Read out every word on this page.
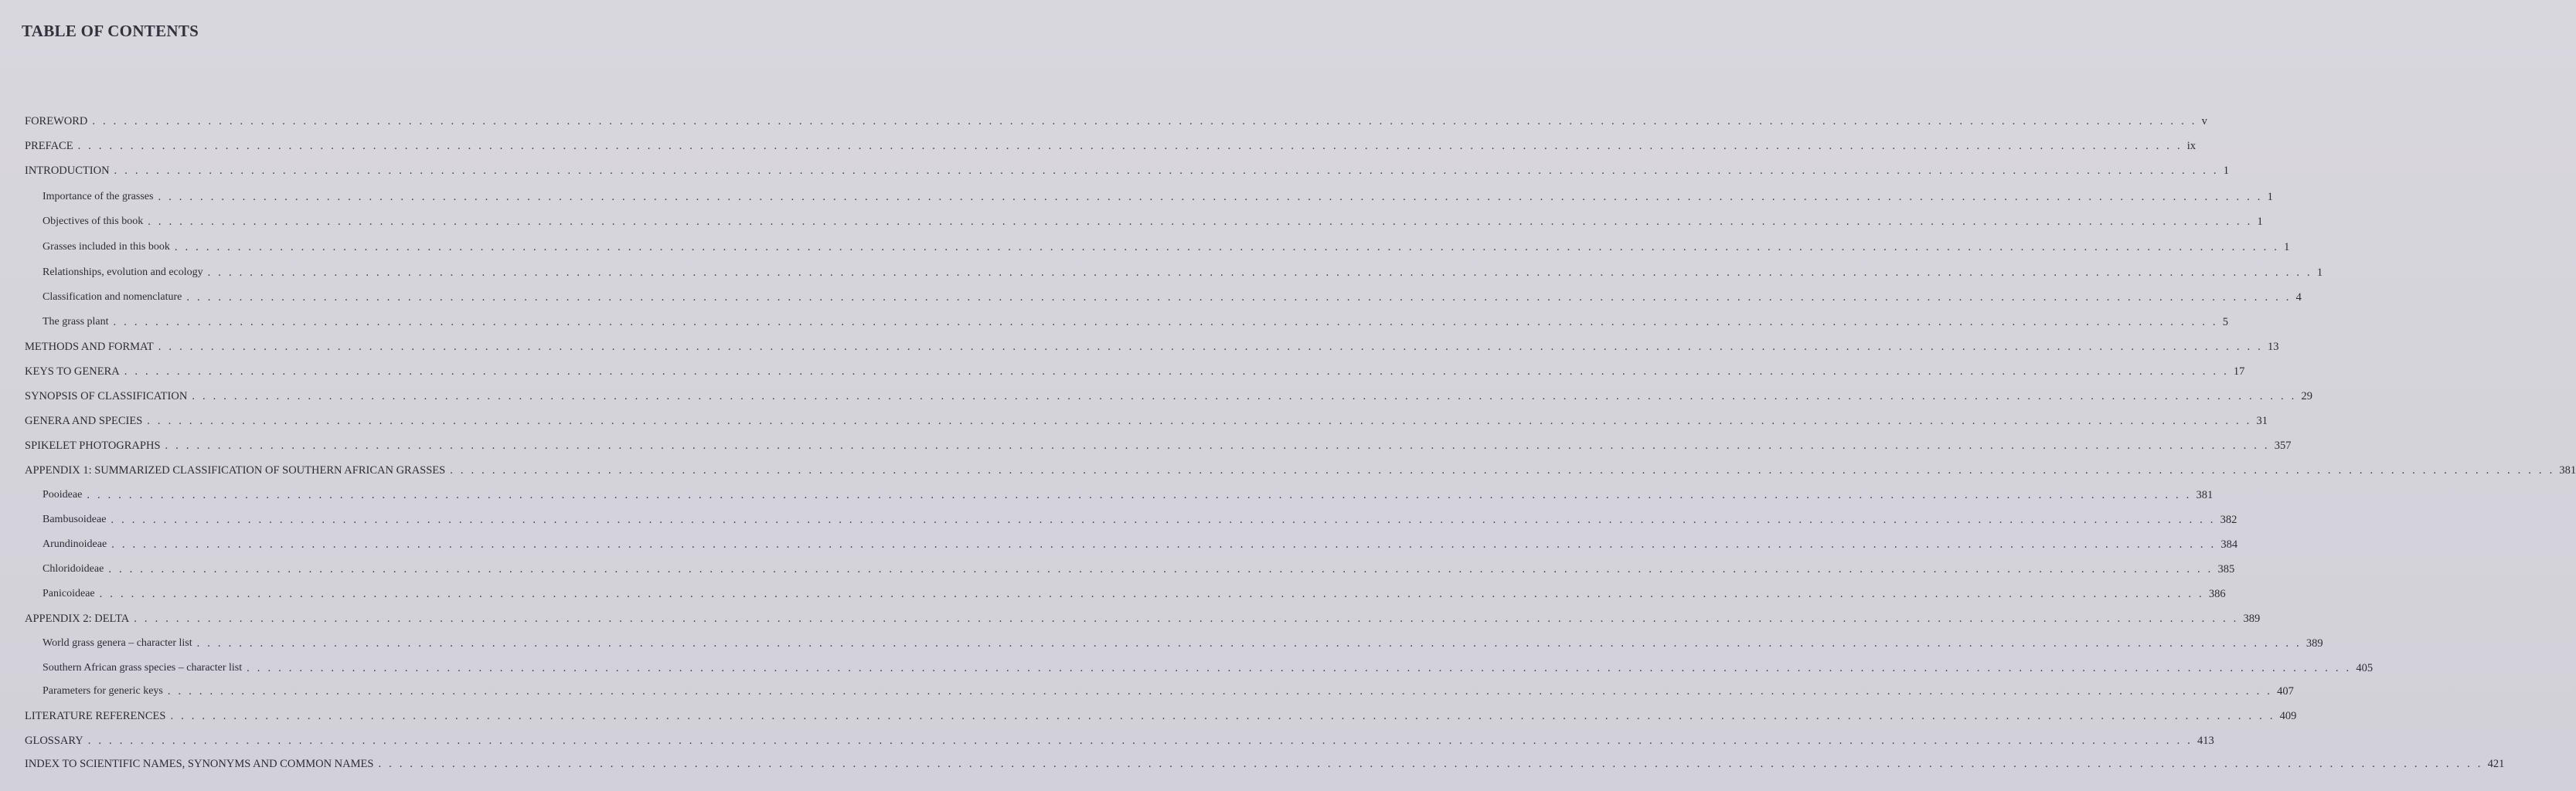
TABLE OF CONTENTS
FOREWORD . . . . . . . . . . . . . . . . . . . . . . . . . . . . . . . . . . . . . . . . . . . . . . . . . . . . . . . . . . . . . . . . . . . . . . . . . . . . . . . . . . . . . . . . . . . . . . . . . . . . . . . . . . . . . . . . . . . . . . . . . . . . . . . . . . . . . . . . . . . . . . . . . . . . . . . . . . . . . . . . . . . . . . . . . . . . . . . . . . . . . . . . . . . . . . . . . . . . . . . . v
PREFACE . . . . . . . . . . . . . . . . . . . . . . . . . . . . . . . . . . . . . . . . . . . . . . . . . . . . . . . . . . . . . . . . . . . . . . . . . . . . . . . . . . . . . . . . . . . . . . . . . . . . . . . . . . . . . . . . . . . . . . . . . . . . . . . . . . . . . . . . . . . . . . . . . . . . . . . . . . . . . . . . . . . . . . . . . . . . . . . . . . . . . . . . . . . . . . . . . . . . . . . . ix
INTRODUCTION . . . . . . . . . . . . . . . . . . . . . . . . . . . . . . . . . . . . . . . . . . . . . . . . . . . . . . . . . . . . . . . . . . . . . . . . . . . . . . . . . . . . . . . . . . . . . . . . . . . . . . . . . . . . . . . . . . . . . . . . . . . . . . . . . . . . . . . . . . . . . . . . . . . . . . . . . . . . . . . . . . . . . . . . . . . . . . . . . . . . . . . . . . . . . . . . . . . . . . . . 1
Importance of the grasses . . . . . . . . . . . . . . . . . . . . . . . . . . . . . . . . . . . . . . . . . . . . . . . . . . . . . . . . . . . . . . . . . . . . . . . . . . . . . . . . . . . . . . . . . . . . . . . . . . . . . . . . . . . . . . . . . . . . . . . . . . . . . . . . . . . . . . . . . . . . . . . . . . . . . . . . . . . . . . . . . . . . . . . . . . . . . . . . . . . . . . . . . . . . . . . . . . . . . . . . 1
Objectives of this book . . . . . . . . . . . . . . . . . . . . . . . . . . . . . . . . . . . . . . . . . . . . . . . . . . . . . . . . . . . . . . . . . . . . . . . . . . . . . . . . . . . . . . . . . . . . . . . . . . . . . . . . . . . . . . . . . . . . . . . . . . . . . . . . . . . . . . . . . . . . . . . . . . . . . . . . . . . . . . . . . . . . . . . . . . . . . . . . . . . . . . . . . . . . . . . . . . . . . . . . 1
Grasses included in this book . . . . . . . . . . . . . . . . . . . . . . . . . . . . . . . . . . . . . . . . . . . . . . . . . . . . . . . . . . . . . . . . . . . . . . . . . . . . . . . . . . . . . . . . . . . . . . . . . . . . . . . . . . . . . . . . . . . . . . . . . . . . . . . . . . . . . . . . . . . . . . . . . . . . . . . . . . . . . . . . . . . . . . . . . . . . . . . . . . . . . . . . . . . . . . . . . . . . . . . . 1
Relationships, evolution and ecology . . . . . . . . . . . . . . . . . . . . . . . . . . . . . . . . . . . . . . . . . . . . . . . . . . . . . . . . . . . . . . . . . . . . . . . . . . . . . . . . . . . . . . . . . . . . . . . . . . . . . . . . . . . . . . . . . . . . . . . . . . . . . . . . . . . . . . . . . . . . . . . . . . . . . . . . . . . . . . . . . . . . . . . . . . . . . . . . . . . . . . . . . . . . . . . . . . . . . . . . 1
Classification and nomenclature . . . . . . . . . . . . . . . . . . . . . . . . . . . . . . . . . . . . . . . . . . . . . . . . . . . . . . . . . . . . . . . . . . . . . . . . . . . . . . . . . . . . . . . . . . . . . . . . . . . . . . . . . . . . . . . . . . . . . . . . . . . . . . . . . . . . . . . . . . . . . . . . . . . . . . . . . . . . . . . . . . . . . . . . . . . . . . . . . . . . . . . . . . . . . . . . . . . . . . . . 4
The grass plant . . . . . . . . . . . . . . . . . . . . . . . . . . . . . . . . . . . . . . . . . . . . . . . . . . . . . . . . . . . . . . . . . . . . . . . . . . . . . . . . . . . . . . . . . . . . . . . . . . . . . . . . . . . . . . . . . . . . . . . . . . . . . . . . . . . . . . . . . . . . . . . . . . . . . . . . . . . . . . . . . . . . . . . . . . . . . . . . . . . . . . . . . . . . . . . . . . . . . . . . 5
METHODS AND FORMAT . . . . . . . . . . . . . . . . . . . . . . . . . . . . . . . . . . . . . . . . . . . . . . . . . . . . . . . . . . . . . . . . . . . . . . . . . . . . . . . . . . . . . . . . . . . . . . . . . . . . . . . . . . . . . . . . . . . . . . . . . . . . . . . . . . . . . . . . . . . . . . . . . . . . . . . . . . . . . . . . . . . . . . . . . . . . . . . . . . . . . . . . . . . . . . . . . . . . . . . . 13
KEYS TO GENERA . . . . . . . . . . . . . . . . . . . . . . . . . . . . . . . . . . . . . . . . . . . . . . . . . . . . . . . . . . . . . . . . . . . . . . . . . . . . . . . . . . . . . . . . . . . . . . . . . . . . . . . . . . . . . . . . . . . . . . . . . . . . . . . . . . . . . . . . . . . . . . . . . . . . . . . . . . . . . . . . . . . . . . . . . . . . . . . . . . . . . . . . . . . . . . . . . . . . . . . . 17
SYNOPSIS OF CLASSIFICATION . . . . . . . . . . . . . . . . . . . . . . . . . . . . . . . . . . . . . . . . . . . . . . . . . . . . . . . . . . . . . . . . . . . . . . . . . . . . . . . . . . . . . . . . . . . . . . . . . . . . . . . . . . . . . . . . . . . . . . . . . . . . . . . . . . . . . . . . . . . . . . . . . . . . . . . . . . . . . . . . . . . . . . . . . . . . . . . . . . . . . . . . . . . . . . . . . . . . . . . . 29
GENERA AND SPECIES . . . . . . . . . . . . . . . . . . . . . . . . . . . . . . . . . . . . . . . . . . . . . . . . . . . . . . . . . . . . . . . . . . . . . . . . . . . . . . . . . . . . . . . . . . . . . . . . . . . . . . . . . . . . . . . . . . . . . . . . . . . . . . . . . . . . . . . . . . . . . . . . . . . . . . . . . . . . . . . . . . . . . . . . . . . . . . . . . . . . . . . . . . . . . . . . . . . . . . . . 31
SPIKELET PHOTOGRAPHS . . . . . . . . . . . . . . . . . . . . . . . . . . . . . . . . . . . . . . . . . . . . . . . . . . . . . . . . . . . . . . . . . . . . . . . . . . . . . . . . . . . . . . . . . . . . . . . . . . . . . . . . . . . . . . . . . . . . . . . . . . . . . . . . . . . . . . . . . . . . . . . . . . . . . . . . . . . . . . . . . . . . . . . . . . . . . . . . . . . . . . . . . . . . . . . . . . . . . . . . 357
APPENDIX 1: SUMMARIZED CLASSIFICATION OF SOUTHERN AFRICAN GRASSES . . . . . . . . . . . . . . . . . . . . . . . . . . . . . . . . . . . . . . . . . . . . . . . . . . . . . . . . . . . . . . . . . . . . . . . . . . . . . . . . . . . . . . . . . . . . . . . . . . . . . . . . . . . . . . . . . . . . . . . . . . . . . . . . . . . . . . . . . . . . . . . . . . . . . . . . . . . . . . . . . . . . . . . . . . . . . . . . . . . . . . . . . . . . . . . . . . . . . . . . 381
Pooideae . . . . . . . . . . . . . . . . . . . . . . . . . . . . . . . . . . . . . . . . . . . . . . . . . . . . . . . . . . . . . . . . . . . . . . . . . . . . . . . . . . . . . . . . . . . . . . . . . . . . . . . . . . . . . . . . . . . . . . . . . . . . . . . . . . . . . . . . . . . . . . . . . . . . . . . . . . . . . . . . . . . . . . . . . . . . . . . . . . . . . . . . . . . . . . . . . . . . . . . . 381
Bambusoideae . . . . . . . . . . . . . . . . . . . . . . . . . . . . . . . . . . . . . . . . . . . . . . . . . . . . . . . . . . . . . . . . . . . . . . . . . . . . . . . . . . . . . . . . . . . . . . . . . . . . . . . . . . . . . . . . . . . . . . . . . . . . . . . . . . . . . . . . . . . . . . . . . . . . . . . . . . . . . . . . . . . . . . . . . . . . . . . . . . . . . . . . . . . . . . . . . . . . . . . . 382
Arundinoideae . . . . . . . . . . . . . . . . . . . . . . . . . . . . . . . . . . . . . . . . . . . . . . . . . . . . . . . . . . . . . . . . . . . . . . . . . . . . . . . . . . . . . . . . . . . . . . . . . . . . . . . . . . . . . . . . . . . . . . . . . . . . . . . . . . . . . . . . . . . . . . . . . . . . . . . . . . . . . . . . . . . . . . . . . . . . . . . . . . . . . . . . . . . . . . . . . . . . . . . . 384
Chloridoideae . . . . . . . . . . . . . . . . . . . . . . . . . . . . . . . . . . . . . . . . . . . . . . . . . . . . . . . . . . . . . . . . . . . . . . . . . . . . . . . . . . . . . . . . . . . . . . . . . . . . . . . . . . . . . . . . . . . . . . . . . . . . . . . . . . . . . . . . . . . . . . . . . . . . . . . . . . . . . . . . . . . . . . . . . . . . . . . . . . . . . . . . . . . . . . . . . . . . . . . . 385
Panicoideae . . . . . . . . . . . . . . . . . . . . . . . . . . . . . . . . . . . . . . . . . . . . . . . . . . . . . . . . . . . . . . . . . . . . . . . . . . . . . . . . . . . . . . . . . . . . . . . . . . . . . . . . . . . . . . . . . . . . . . . . . . . . . . . . . . . . . . . . . . . . . . . . . . . . . . . . . . . . . . . . . . . . . . . . . . . . . . . . . . . . . . . . . . . . . . . . . . . . . . . . 386
APPENDIX 2: DELTA . . . . . . . . . . . . . . . . . . . . . . . . . . . . . . . . . . . . . . . . . . . . . . . . . . . . . . . . . . . . . . . . . . . . . . . . . . . . . . . . . . . . . . . . . . . . . . . . . . . . . . . . . . . . . . . . . . . . . . . . . . . . . . . . . . . . . . . . . . . . . . . . . . . . . . . . . . . . . . . . . . . . . . . . . . . . . . . . . . . . . . . . . . . . . . . . . . . . . . . . 389
World grass genera – character list . . . . . . . . . . . . . . . . . . . . . . . . . . . . . . . . . . . . . . . . . . . . . . . . . . . . . . . . . . . . . . . . . . . . . . . . . . . . . . . . . . . . . . . . . . . . . . . . . . . . . . . . . . . . . . . . . . . . . . . . . . . . . . . . . . . . . . . . . . . . . . . . . . . . . . . . . . . . . . . . . . . . . . . . . . . . . . . . . . . . . . . . . . . . . . . . . . . . . . . . 389
Southern African grass species – character list . . . . . . . . . . . . . . . . . . . . . . . . . . . . . . . . . . . . . . . . . . . . . . . . . . . . . . . . . . . . . . . . . . . . . . . . . . . . . . . . . . . . . . . . . . . . . . . . . . . . . . . . . . . . . . . . . . . . . . . . . . . . . . . . . . . . . . . . . . . . . . . . . . . . . . . . . . . . . . . . . . . . . . . . . . . . . . . . . . . . . . . . . . . . . . . . . . . . . . . . 405
Parameters for generic keys . . . . . . . . . . . . . . . . . . . . . . . . . . . . . . . . . . . . . . . . . . . . . . . . . . . . . . . . . . . . . . . . . . . . . . . . . . . . . . . . . . . . . . . . . . . . . . . . . . . . . . . . . . . . . . . . . . . . . . . . . . . . . . . . . . . . . . . . . . . . . . . . . . . . . . . . . . . . . . . . . . . . . . . . . . . . . . . . . . . . . . . . . . . . . . . . . . . . . . . . 407
LITERATURE REFERENCES . . . . . . . . . . . . . . . . . . . . . . . . . . . . . . . . . . . . . . . . . . . . . . . . . . . . . . . . . . . . . . . . . . . . . . . . . . . . . . . . . . . . . . . . . . . . . . . . . . . . . . . . . . . . . . . . . . . . . . . . . . . . . . . . . . . . . . . . . . . . . . . . . . . . . . . . . . . . . . . . . . . . . . . . . . . . . . . . . . . . . . . . . . . . . . . . . . . . . . . . 409
GLOSSARY . . . . . . . . . . . . . . . . . . . . . . . . . . . . . . . . . . . . . . . . . . . . . . . . . . . . . . . . . . . . . . . . . . . . . . . . . . . . . . . . . . . . . . . . . . . . . . . . . . . . . . . . . . . . . . . . . . . . . . . . . . . . . . . . . . . . . . . . . . . . . . . . . . . . . . . . . . . . . . . . . . . . . . . . . . . . . . . . . . . . . . . . . . . . . . . . . . . . . . . . 413
INDEX TO SCIENTIFIC NAMES, SYNONYMS AND COMMON NAMES . . . . . . . . . . . . . . . . . . . . . . . . . . . . . . . . . . . . . . . . . . . . . . . . . . . . . . . . . . . . . . . . . . . . . . . . . . . . . . . . . . . . . . . . . . . . . . . . . . . . . . . . . . . . . . . . . . . . . . . . . . . . . . . . . . . . . . . . . . . . . . . . . . . . . . . . . . . . . . . . . . . . . . . . . . . . . . . . . . . . . . . . . . . . . . . . . . . . . . . . 421
